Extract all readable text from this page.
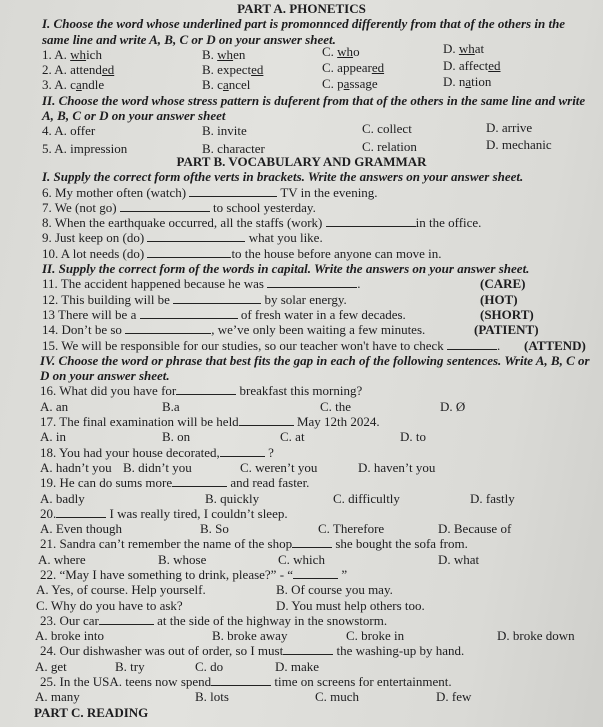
PART A. PHONETICS
I. Choose the word whose underlined part is promonnced differently from that of the others in the
same line and write A, B, C or D on your answer sheet.
1. A. which	B. when	C. who	D. what
2. A. attended	B. expected	C. appeared	D. affected
3. A. candle	B. cancel	C. passage	D. nation
II. Choose the word whose stress pattern is duferent from that of the others in the same line and write
A, B, C or D on your answer sheet
4. A. offer	B. invite	C. collect	D. arrive
5. A. impression	B. character	C. relation	D. mechanic
PART B. VOCABULARY AND GRAMMAR
I. Supply the correct form ofthe verts in brackets. Write the answers on your answer sheet.
6. My mother often (watch)	TV in the evening.
7. We (not go)	to school yesterday.
8. When the earthquake occurred, all the staffs (work)	in the office.
9. Just keep on (do)	what you like.
10. A lot needs (do)	to the house before anyone can move in.
II. Supply the correct form of the words in capital. Write the answers on your answer sheet.
11. The accident happened because he was	.	(CARE)
12. This building will be	by solar energy.	(HOT)
13 There will be a	of fresh water in a few decades.	(SHORT)
14. Don’t be so	, we’ve only been waiting a few minutes.	(PATIENT)
15. We will be responsible for our studies, so our teacher won't have to check	. (ATTEND)
IV. Choose the word or phrase that best fits the gap in each of the following sentences. Write A, B, C or
D on your answer sheet.
16. What did you have for	breakfast this morning?
A. an	B.a	C. the	D. Ø
17. The final examination will be held	May 12th 2024.
A. in	B. on	C. at	D. to
18. You had your house decorated,	?
A. hadn’t you B. didn’t you	C. weren’t you	D. haven’t you
19. He can do sums more	and read faster.
A. badly	B. quickly	C. difficultly	D. fastly
20.	I was really tired, I couldn’t sleep.
A. Even though	B. So	C. Therefore	D. Because of
21. Sandra can’t remember the name of the shop	she bought the sofa from.
A. where	B. whose	C. which	D. what
22. “May I have something to drink, please?” - “	”
A. Yes, of course. Help yourself.	B. Of course you may.
C. Why do you have to ask?	D. You must help others too.
23. Our car	at the side of the highway in the snowstorm.
A. broke into	B. broke away	C. broke in	D. broke down
24. Our dishwasher was out of order, so I must	the washing-up by hand.
A. get	B. try	C. do	D. make
25. In the USA. teens now spend	time on screens for entertainment.
A. many	B. lots	C. much	D. few
PART C. READING
